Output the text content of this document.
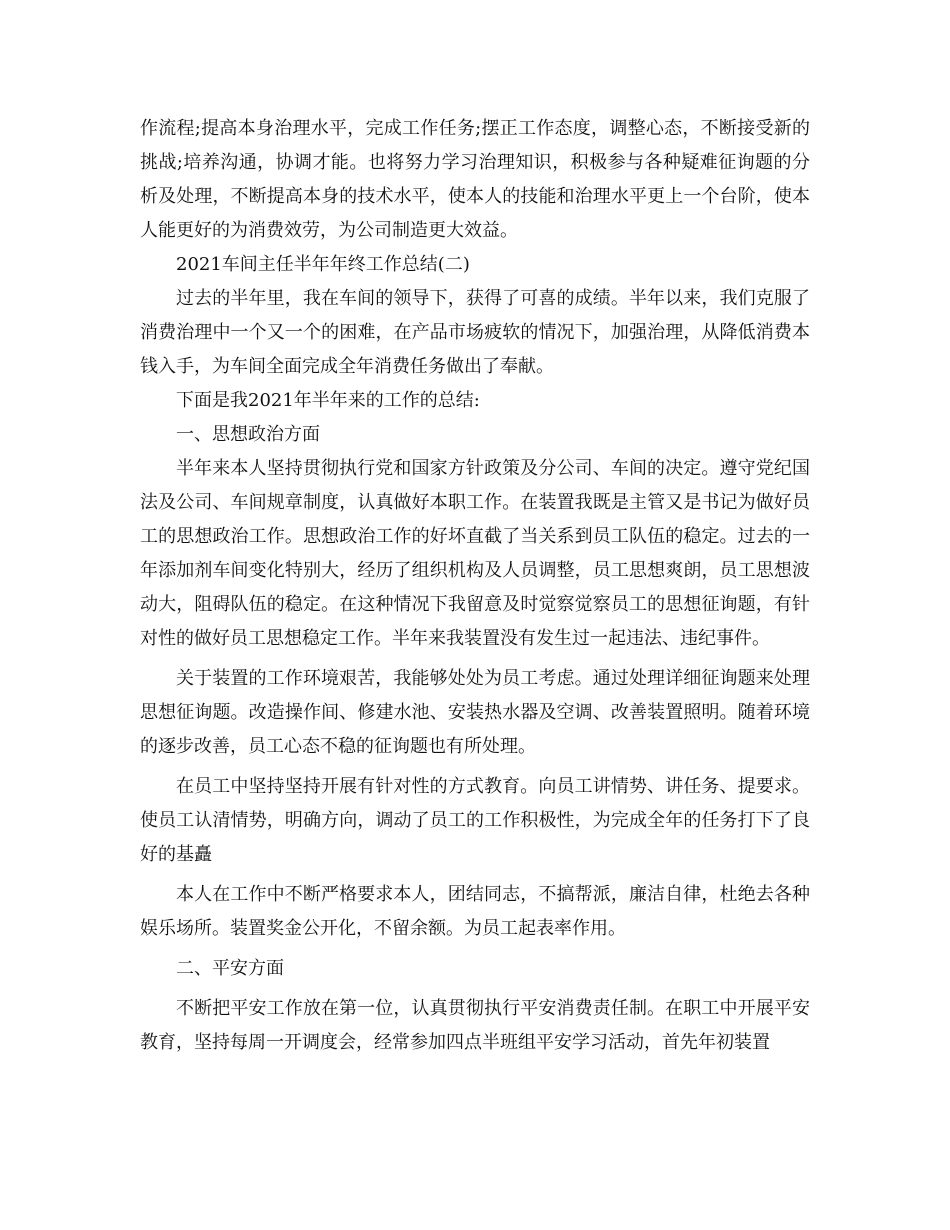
作流程;提高本身治理水平，完成工作任务;摆正工作态度，调整心态，不断接受新的挑战;培养沟通，协调才能。也将努力学习治理知识，积极参与各种疑难征询题的分析及处理，不断提高本身的技术水平，使本人的技能和治理水平更上一个台阶，使本人能更好的为消费效劳，为公司制造更大效益。

2021车间主任半年年终工作总结(二)

过去的半年里，我在车间的领导下，获得了可喜的成绩。半年以来，我们克服了消费治理中一个又一个的困难，在产品市场疲软的情况下，加强治理，从降低消费本钱入手，为车间全面完成全年消费任务做出了奉献。

下面是我2021年半年来的工作的总结:

一、思想政治方面

半年来本人坚持贯彻执行党和国家方针政策及分公司、车间的决定。遵守党纪国法及公司、车间规章制度，认真做好本职工作。在装置我既是主管又是书记为做好员工的思想政治工作。思想政治工作的好坏直截了当关系到员工队伍的稳定。过去的一年添加剂车间变化特别大，经历了组织机构及人员调整，员工思想爽朗，员工思想波动大，阻碍队伍的稳定。在这种情况下我留意及时觉察觉察员工的思想征询题，有针对性的做好员工思想稳定工作。半年来我装置没有发生过一起违法、违纪事件。

关于装置的工作环境艰苦，我能够处处为员工考虑。通过处理详细征询题来处理思想征询题。改造操作间、修建水池、安装热水器及空调、改善装置照明。随着环境的逐步改善，员工心态不稳的征询题也有所处理。

在员工中坚持坚持开展有针对性的方式教育。向员工讲情势、讲任务、提要求。使员工认清情势，明确方向，调动了员工的工作积极性，为完成全年的任务打下了良好的基矗

本人在工作中不断严格要求本人，团结同志，不搞帮派，廉洁自律，杜绝去各种娱乐场所。装置奖金公开化，不留余额。为员工起表率作用。

二、平安方面

不断把平安工作放在第一位，认真贯彻执行平安消费责任制。在职工中开展平安教育，坚持每周一开调度会，经常参加四点半班组平安学习活动，首先年初装置
